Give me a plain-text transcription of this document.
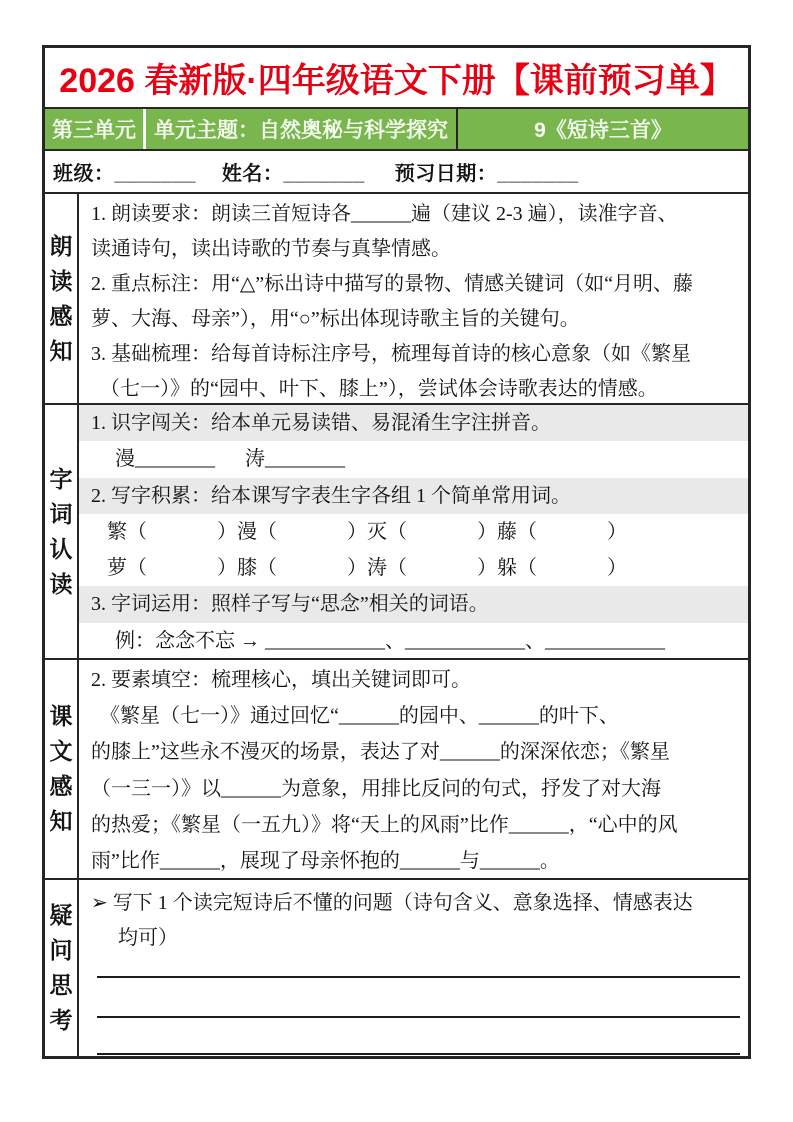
2026 春新版·四年级语文下册【课前预习单】
第三单元 单元主题：自然奥秘与科学探究	9《短诗三首》
班级：_______ 姓名：_______ 预习日期：_______
朗读感知
1. 朗读要求：朗读三首短诗各______遍（建议 2-3 遍），读准字音、
读通诗句，读出诗歌的节奏与真挚情感。
2. 重点标注：用“△”标出诗中描写的景物、情感关键词（如“月明、藤
萝、大海、母亲”），用“○”标出体现诗歌主旨的关键句。
3. 基础梳理：给每首诗标注序号，梳理每首诗的核心意象（如《繁星
（七一）》的“园中、叶下、膝上”），尝试体会诗歌表达的情感。
字词认读
1. 识字闯关：给本单元易读错、易混淆生字注拼音。
漫________      涛________
2. 写字积累：给本课写字表生字各组 1 个简单常用词。
繁（              ）漫（              ）灭（              ）藤（              ）
萝（              ）膝（              ）涛（              ）躲（              ）
3. 字词运用：照样子写与“思念”相关的词语。
例：念念不忘 → ____________、____________、____________
课文感知
2. 要素填空：梳理核心，填出关键词即可。
《繁星（七一）》通过回忆“______的园中、______的叶下、
的膝上”这些永不漫灭的场景，表达了对______的深深依恋；《繁星
（一三一）》以______为意象，用排比反问的句式，抒发了对大海
的热爱；《繁星（一五九）》将“天上的风雨”比作______，“心中的风
雨”比作______，展现了母亲怀抱的______与______。
疑问思考
➢ 写下 1 个读完短诗后不懂的问题（诗句含义、意象选择、情感表达
均可）
